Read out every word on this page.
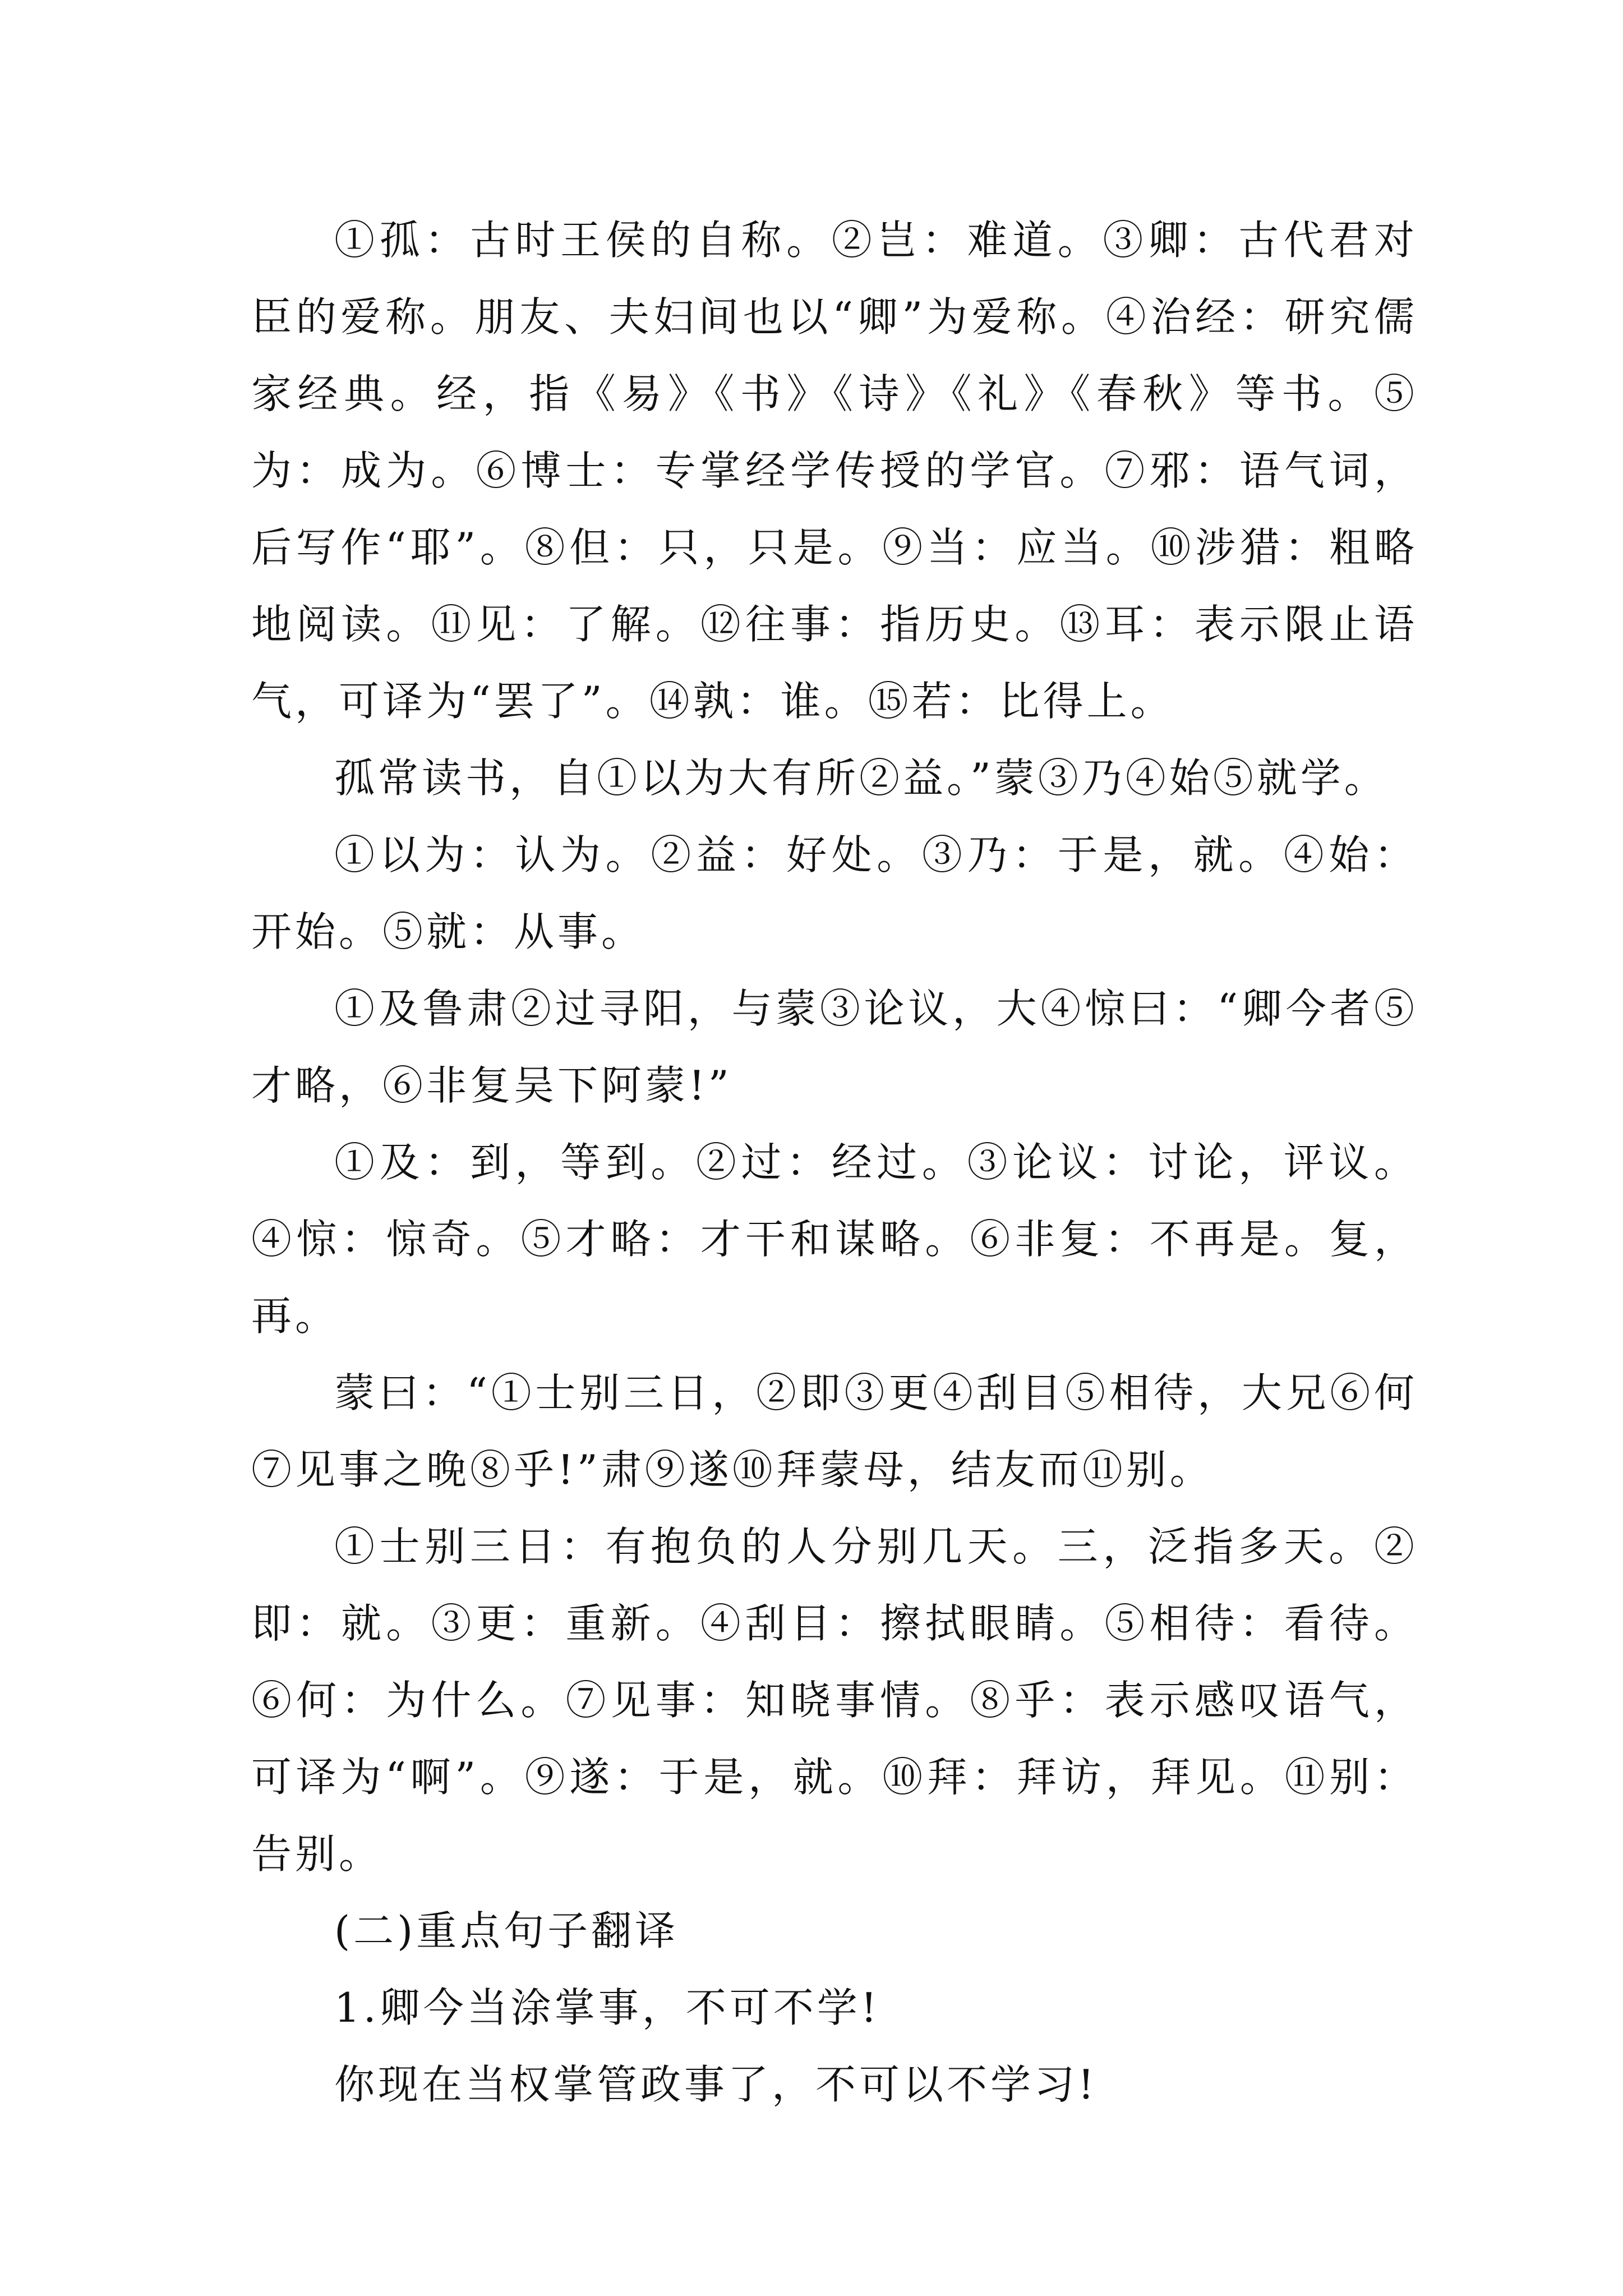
①孤：古时王侯的自称。②岂：难道。③卿：古代君对臣的爱称。朋友、夫妇间也以“卿”为爱称。④治经：研究儒家经典。经，指《易》《书》《诗》《礼》《春秋》等书。⑤为：成为。⑥博士：专掌经学传授的学官。⑦邪：语气词，后写作“耶”。⑧但：只，只是。⑨当：应当。⑩涉猎：粗略地阅读。⑪见：了解。⑫往事：指历史。⑬耳：表示限止语气，可译为“罢了”。⑭孰：谁。⑮若：比得上。

孤常读书，自①以为大有所②益。”蒙③乃④始⑤就学。

①以为：认为。②益：好处。③乃：于是，就。④始：开始。⑤就：从事。

①及鲁肃②过寻阳，与蒙③论议，大④惊曰：“卿今者⑤才略，⑥非复吴下阿蒙!”

①及：到，等到。②过：经过。③论议：讨论，评议。④惊：惊奇。⑤才略：才干和谋略。⑥非复：不再是。复，再。

蒙曰：“①士别三日，②即③更④刮目⑤相待，大兄⑥何⑦见事之晚⑧乎!”肃⑨遂⑩拜蒙母，结友而⑪别。

①士别三日：有抱负的人分别几天。三，泛指多天。②即：就。③更：重新。④刮目：擦拭眼睛。⑤相待：看待。⑥何：为什么。⑦见事：知晓事情。⑧乎：表示感叹语气，可译为“啊”。⑨遂：于是，就。⑩拜：拜访，拜见。⑪别：告别。

(二)重点句子翻译

1.卿今当涂掌事，不可不学!

你现在当权掌管政事了，不可以不学习!
